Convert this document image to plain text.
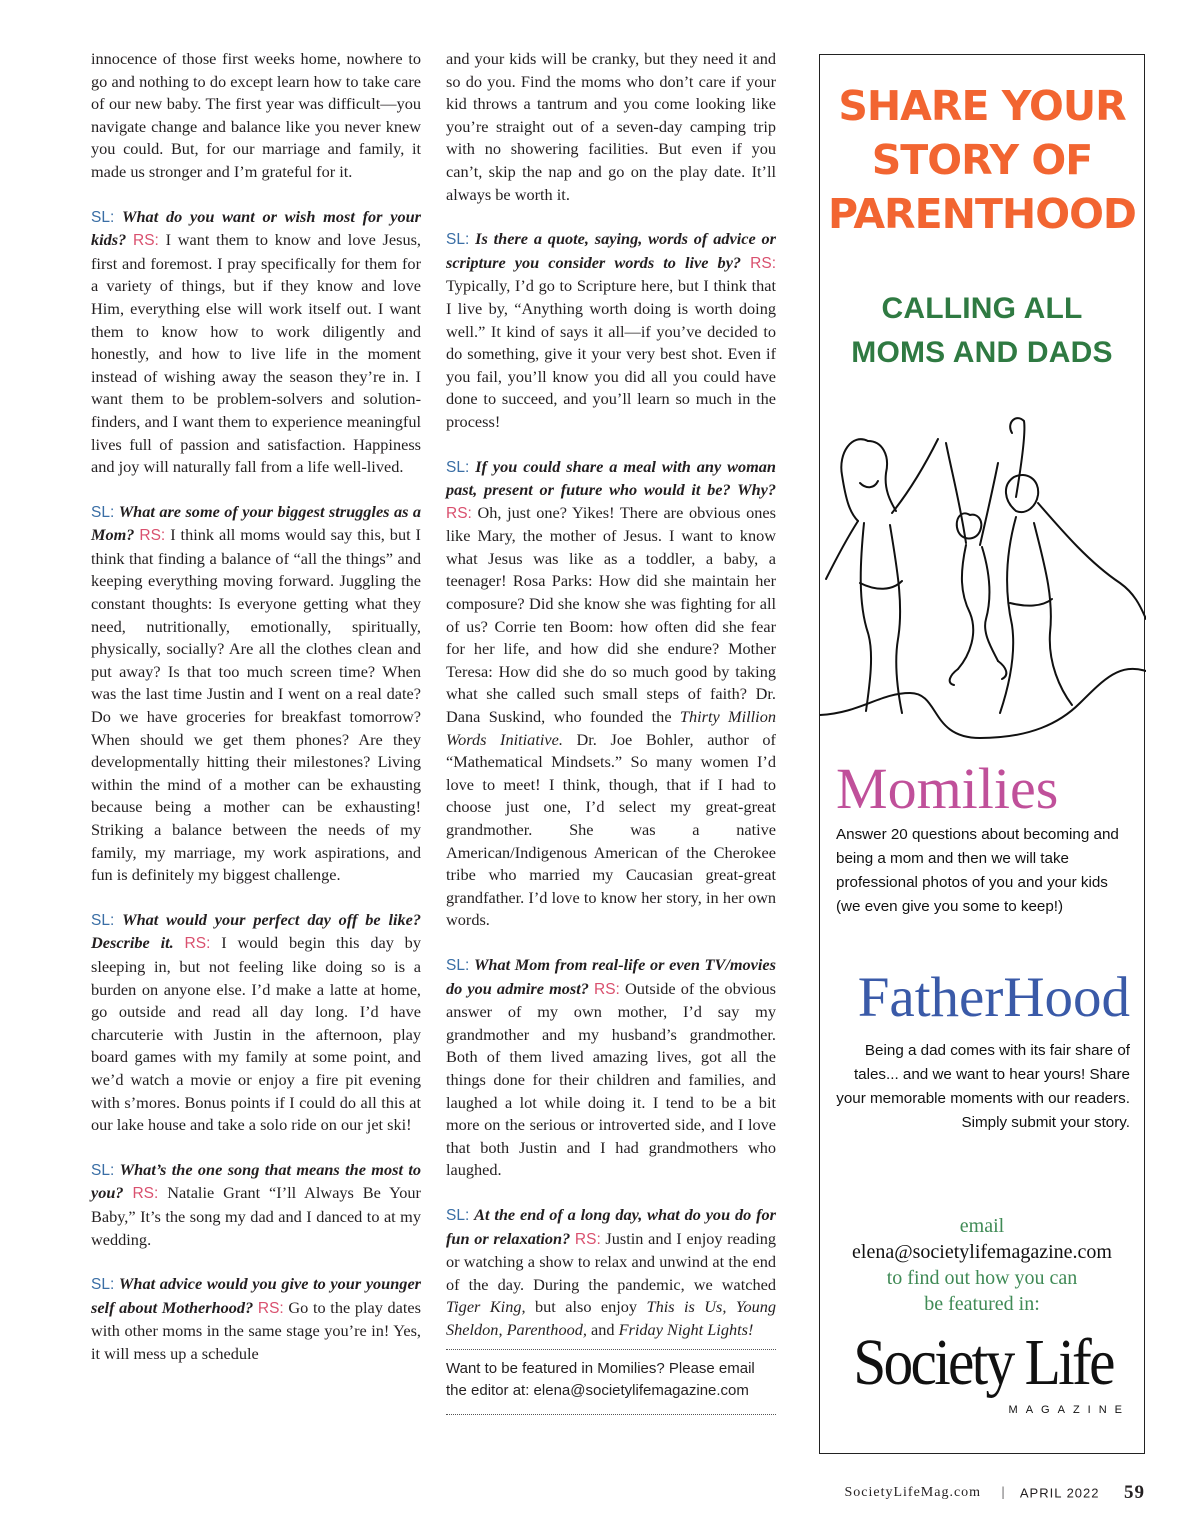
innocence of those first weeks home, nowhere to go and nothing to do except learn how to take care of our new baby. The first year was difficult—you navigate change and balance like you never knew you could. But, for our marriage and family, it made us stronger and I’m grateful for it.

SL: What do you want or wish most for your kids? RS: I want them to know and love Jesus, first and foremost. I pray specifically for them for a variety of things, but if they know and love Him, everything else will work itself out. I want them to know how to work diligently and honestly, and how to live life in the moment instead of wishing away the season they’re in. I want them to be problem-solvers and solution-finders, and I want them to experience meaningful lives full of passion and satisfaction. Happiness and joy will naturally fall from a life well-lived.

SL: What are some of your biggest struggles as a Mom? RS: I think all moms would say this, but I think that finding a balance of “all the things” and keeping everything moving forward. Juggling the constant thoughts: Is everyone getting what they need, nutritionally, emotionally, spiritually, physically, socially? Are all the clothes clean and put away? Is that too much screen time? When was the last time Justin and I went on a real date? Do we have groceries for breakfast tomorrow? When should we get them phones? Are they developmentally hitting their milestones? Living within the mind of a mother can be exhausting because being a mother can be exhausting! Striking a balance between the needs of my family, my marriage, my work aspirations, and fun is definitely my biggest challenge.

SL: What would your perfect day off be like? Describe it. RS: I would begin this day by sleeping in, but not feeling like doing so is a burden on anyone else. I’d make a latte at home, go outside and read all day long. I’d have charcuterie with Justin in the afternoon, play board games with my family at some point, and we’d watch a movie or enjoy a fire pit evening with s’mores. Bonus points if I could do all this at our lake house and take a solo ride on our jet ski!

SL: What’s the one song that means the most to you? RS: Natalie Grant “I’ll Always Be Your Baby,” It’s the song my dad and I danced to at my wedding.

SL: What advice would you give to your younger self about Motherhood? RS: Go to the play dates with other moms in the same stage you’re in! Yes, it will mess up a schedule

and your kids will be cranky, but they need it and so do you. Find the moms who don’t care if your kid throws a tantrum and you come looking like you’re straight out of a seven-day camping trip with no showering facilities. But even if you can’t, skip the nap and go on the play date. It’ll always be worth it.

SL: Is there a quote, saying, words of advice or scripture you consider words to live by? RS: Typically, I’d go to Scripture here, but I think that I live by, “Anything worth doing is worth doing well.” It kind of says it all—if you’ve decided to do something, give it your very best shot. Even if you fail, you’ll know you did all you could have done to succeed, and you’ll learn so much in the process!

SL: If you could share a meal with any woman past, present or future who would it be? Why? RS: Oh, just one? Yikes! There are obvious ones like Mary, the mother of Jesus. I want to know what Jesus was like as a toddler, a baby, a teenager! Rosa Parks: How did she maintain her composure? Did she know she was fighting for all of us? Corrie ten Boom: how often did she fear for her life, and how did she endure? Mother Teresa: How did she do so much good by taking what she called such small steps of faith? Dr. Dana Suskind, who founded the Thirty Million Words Initiative. Dr. Joe Bohler, author of “Mathematical Mindsets.” So many women I’d love to meet! I think, though, that if I had to choose just one, I’d select my great-great grandmother. She was a native American/Indigenous American of the Cherokee tribe who married my Caucasian great-great grandfather. I’d love to know her story, in her own words.

SL: What Mom from real-life or even TV/movies do you admire most? RS: Outside of the obvious answer of my own mother, I’d say my grandmother and my husband’s grandmother. Both of them lived amazing lives, got all the things done for their children and families, and laughed a lot while doing it. I tend to be a bit more on the serious or introverted side, and I love that both Justin and I had grandmothers who laughed.

SL: At the end of a long day, what do you do for fun or relaxation? RS: Justin and I enjoy reading or watching a show to relax and unwind at the end of the day. During the pandemic, we watched Tiger King, but also enjoy This is Us, Young Sheldon, Parenthood, and Friday Night Lights!

Want to be featured in Momilies? Please email the editor at: elena@societylifemagazine.com
SHARE YOUR
STORY OF
PARENTHOOD
CALLING ALL
MOMS AND DADS
Momilies
Answer 20 questions about becoming and being a mom and then we will take professional photos of you and your kids (we even give you some to keep!)
FatherHood
Being a dad comes with its fair share of tales... and we want to hear yours! Share your memorable moments with our readers. Simply submit your story.
email
elena@societylifemagazine.com
to find out how you can
be featured in:
Society Life
MAGAZINE
SocietyLifeMag.com | APRIL 2022 59
